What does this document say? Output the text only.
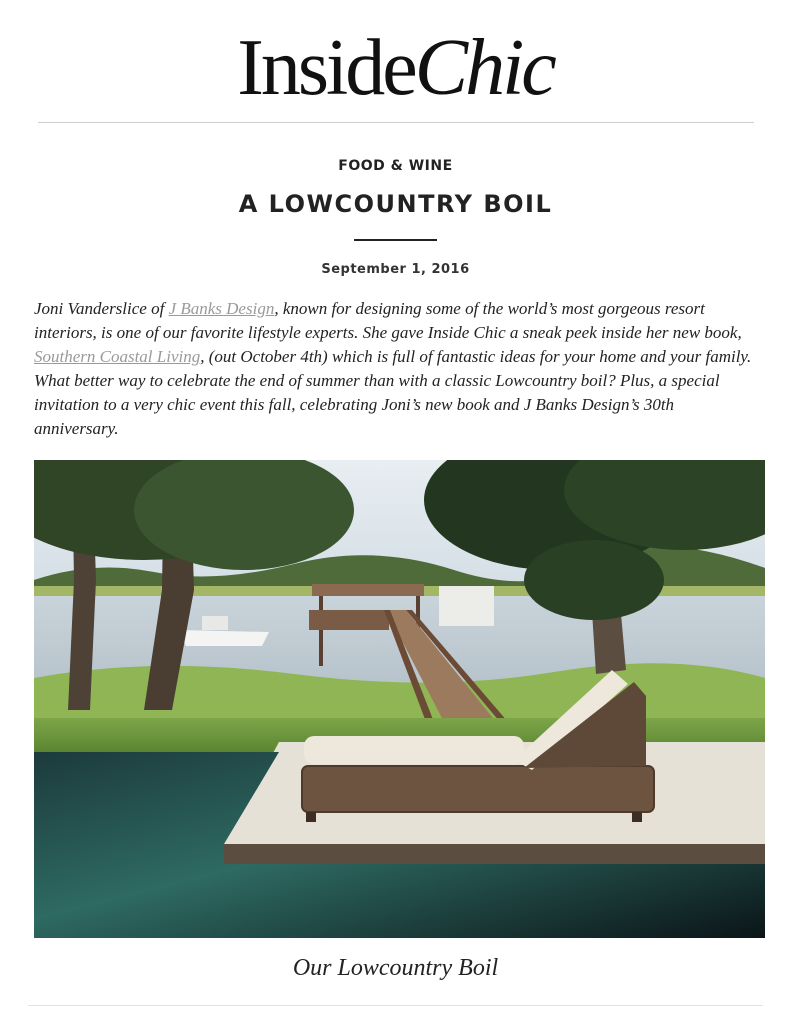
InsideChic
FOOD & WINE
A LOWCOUNTRY BOIL
September 1, 2016

Joni Vanderslice of J Banks Design, known for designing some of the world’s most gorgeous resort interiors, is one of our favorite lifestyle experts. She gave Inside Chic a sneak peek inside her new book, Southern Coastal Living, (out October 4th) which is full of fantastic ideas for your home and your family. What better way to celebrate the end of summer than with a classic Lowcountry boil? Plus, a special invitation to a very chic event this fall, celebrating Joni’s new book and J Banks Design’s 30th anniversary.

Our Lowcountry Boil
